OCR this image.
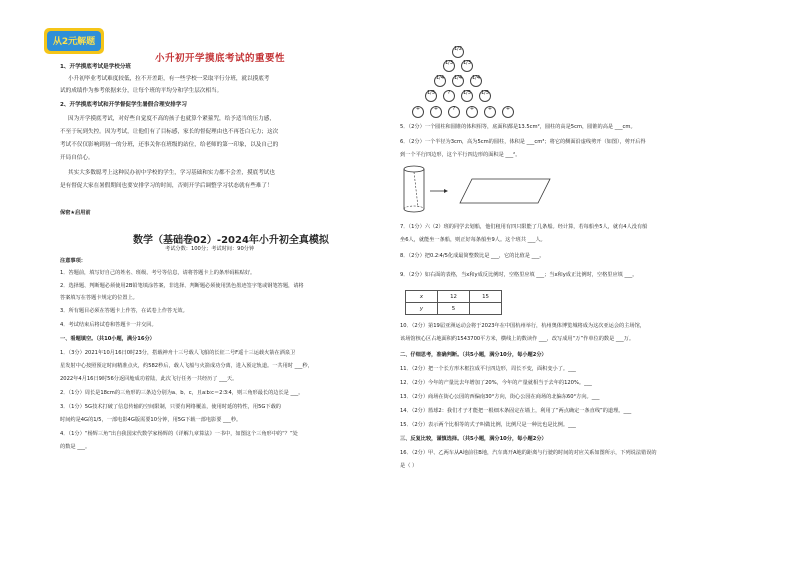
从2元解题
小升初开学摸底考试的重要性
1、开学摸底考试是学校分班
小升初毕业考试难度较低，拉不开差距，有一些学校一采取平行分班，就以摸底考
试的成绩作为参考依据来分，让每个班的平均分和学生层次相当。
2、开学摸底考试和开学督促学生暑假合理安排学习
因为开学摸底考试，对好些自觉度不高的孩子也就算个紧箍咒，给予适当的压力感，
不至于玩到失控。因为考试，让他们有了目标感，家长的督促理由也不再苍白无力；这次
考试不仅仅影响到初一的分班，还事关你在班级的站位，给老师的第一印象，以及自己的
开局自信心。
其实大多数聪考上这种民办初中学校的学生，学习基础和实力都不会差，摸底考试也
是有督促大家在暑假期间也要安排学习的时间，否则开学后调整学习状态就有些难了！
保密★启用前
数学（基础卷02）-2024年小升初全真模拟
考试分数：100分；考试时间：90分钟
注意事项：
1．答题前，填写好自己的姓名、班级、考号等信息，请将答题卡上的条形码粘贴好。
2．选择题、判断题必须使用2B铅笔填涂答案，非选择、判断题必须使用黑色墨迹签字笔或钢笔答题，请将
答案填写在答题卡规定的位置上。
3．所有题目必须在答题卡上作答，在试卷上作答无效。
4．考试结束后将试卷和答题卡一并交回。
一、看题填空。（共10小题，满分16分）
1．（3分）2021年10月16日0时23分，搭载神舟十三号载人飞船的长征二号F遥十三运载火箭在酒泉卫
星发射中心按照预定时间精准点火，约582秒后，载人飞船与火箭成功分离，进入预定轨道。一共用时 ___秒，
2022年4月16日9时56分返回舱成功着陆，此次飞行任务一共经历了 ___天。
2．（1分）周长是18cm的三角形的三条边分别为a、b、c，且a∶b∶c＝2∶3∶4，则三角形最长的边长是 ___。
3．（1分）5G技术打破了信息传输的空间限制，只要有网络覆盖，使用时延的特性，用5G下载的
时间约是4G的1/5，一部电影4G版需要10分钟，用5G下载一部电影要 ___秒。
4．（1分）“杨辉三角”出自我国宋代数学家杨辉的《详解九章算法》一书中，如图这个三角形中的“？”处
的数是 ___。
1/2
1/3	1/3
1/4	1/4	1/4
1/5	?	1/5	1/5
+	+	?	+	+	+
5．（2分）一个圆柱和圆锥的体积相等，底面积都是13.5cm²，圆柱的高是5cm，圆锥的高是 ___cm。
6．（2分）一个半径为3cm，高为5cm的圆柱，体积是 ___cm³；将它的侧面沿虚线剪开（如图），剪开后得
到一个平行四边形，这个平行四边形的面积是 ___²。
7．（1分）六（2）班的同学去划船，他们租用有四只限能了几条船。经计算，若每船坐5人，就有4人没有船
坐6人，就能坐一条船，则正好每条船坐9人。这个班共 ___人。
8．（2分）把0.2∶4/5化成最简整数比是 ___，它的比值是 ___。
9．（2分）如右面的表格，当x和y成反比例时，空格里应填 ___；当x和y成正比例时，空格里应填 ___。
x	12	15
y	5	
10．（2分）第19届亚洲运动会将于2023年在中国杭州举行，杭州奥体博览城将成为这次亚运会的主场馆，
该场馆核心区占地面积约1543700平方米，横线上的数读作 ___，改写成用“万”作单位的数是 ___万。
二、仔细思考，准确判断。（共5小题，满分10分，每小题2分）
11．（2分）把一个长方形木框拉成平行四边形，周长不变，面积变小了。___
12．（2分）今年的产量比去年增加了20%，今年的产量就相当于去年的120%。___
13．（2分）商场在街心公园的西偏南30°方向，街心公园在商场的北偏东60°方向。___
14．（2分）篮球2：我们才子才能把一根细木条固定在墙上，利用了“两点确定一条直线”的道理。___
15．（2分）表示两个比相等的式子叫做比例，比例尺是一种比也是比例。___
三、反复比较，谨慎选择。（共5小题，满分10分，每小题2分）
16．（2分）甲、乙两车从A地前往B地，汽车离开A地的距离与行驶的时间的对应关系如图所示，下列说法错误的
是（ ）
